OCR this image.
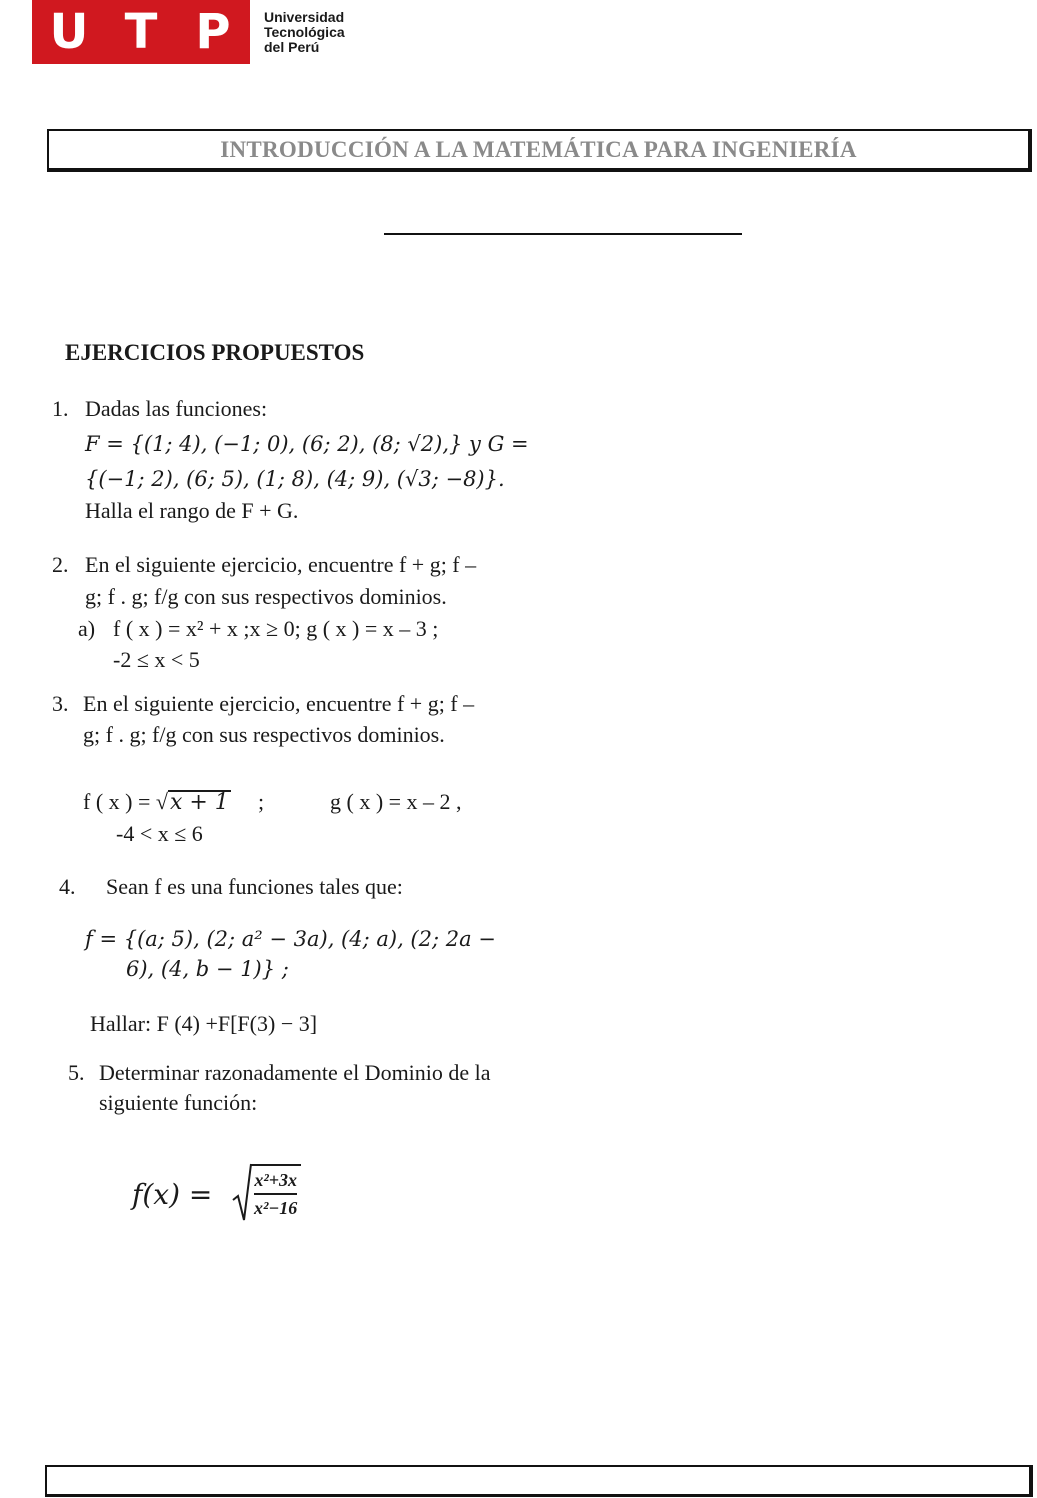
U T P	Universidad
Tecnológica
del Perú
INTRODUCCIÓN A LA MATEMÁTICA PARA INGENIERÍA
EJERCICIOS PROPUESTOS
1. Dadas las funciones:
F = {(1; 4), (−1; 0), (6; 2), (8; √2),} y G =
{(−1; 2), (6; 5), (1; 8), (4; 9), (√3; −8)}.
Halla el rango de F + G.
2. En el siguiente ejercicio, encuentre f + g; f –
g; f . g; f/g con sus respectivos dominios.
a) f ( x ) = x² + x ;x ≥ 0; g ( x ) = x – 3 ;
-2 ≤ x < 5
3. En el siguiente ejercicio, encuentre f + g; f –
g; f . g; f/g con sus respectivos dominios.
f ( x ) = √x + 1 ;	g ( x ) = x – 2 ,
-4 < x ≤ 6
4. Sean f es una funciones tales que:
f = {(a; 5), (2; a² − 3a), (4; a), (2; 2a −
6), (4, b − 1)} ;
Hallar: F (4) +F[F(3) − 3]
5. Determinar razonadamente el Dominio de la
siguiente función:
f(x) = x²+3x
x²−16
